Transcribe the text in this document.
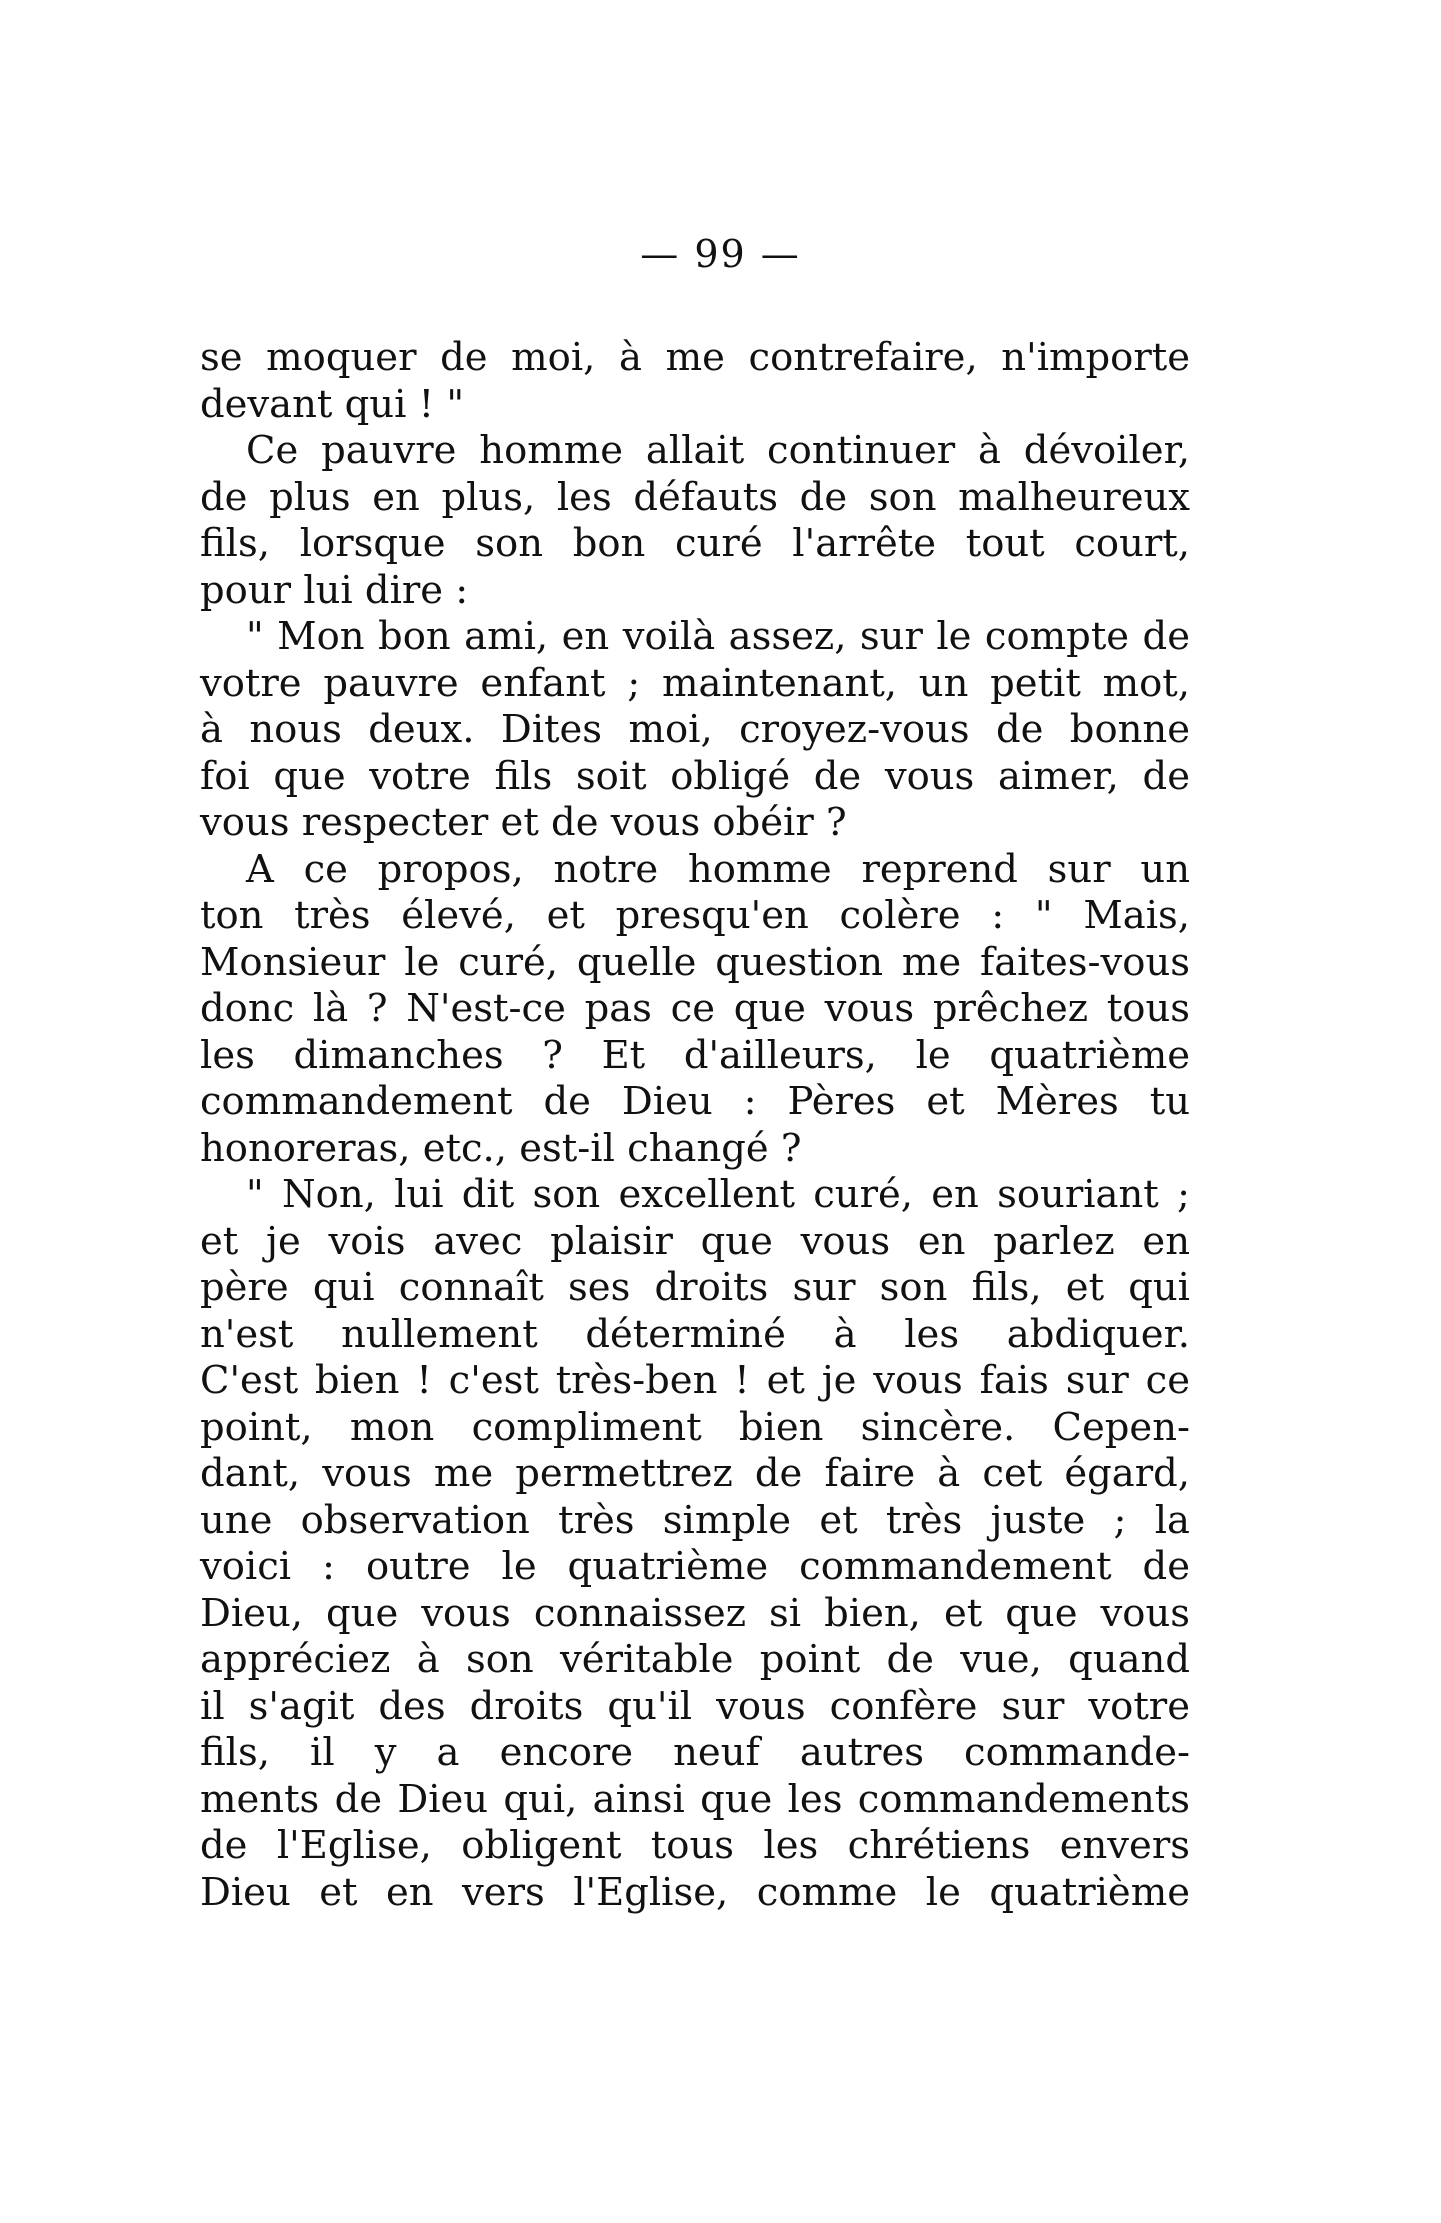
— 99 —
se moquer de moi, à me contrefaire, n'importe
devant qui ! "
Ce pauvre homme allait continuer à dévoiler,
de plus en plus, les défauts de son malheureux
fils, lorsque son bon curé l'arrête tout court,
pour lui dire :
" Mon bon ami, en voilà assez, sur le compte de
votre pauvre enfant ; maintenant, un petit mot,
à nous deux. Dites moi, croyez-vous de bonne
foi que votre fils soit obligé de vous aimer, de
vous respecter et de vous obéir ?
A ce propos, notre homme reprend sur un
ton très élevé, et presqu'en colère : " Mais,
Monsieur le curé, quelle question me faites-vous
donc là ? N'est-ce pas ce que vous prêchez tous
les dimanches ? Et d'ailleurs, le quatrième
commandement de Dieu : Pères et Mères tu
honoreras, etc., est-il changé ?
" Non, lui dit son excellent curé, en souriant ;
et je vois avec plaisir que vous en parlez en
père qui connaît ses droits sur son fils, et qui
n'est nullement déterminé à les abdiquer.
C'est bien ! c'est très-ben ! et je vous fais sur ce
point, mon compliment bien sincère. Cepen-
dant, vous me permettrez de faire à cet égard,
une observation très simple et très juste ; la
voici : outre le quatrième commandement de
Dieu, que vous connaissez si bien, et que vous
appréciez à son véritable point de vue, quand
il s'agit des droits qu'il vous confère sur votre
fils, il y a encore neuf autres commande-
ments de Dieu qui, ainsi que les commandements
de l'Eglise, obligent tous les chrétiens envers
Dieu et en vers l'Eglise, comme le quatrième
